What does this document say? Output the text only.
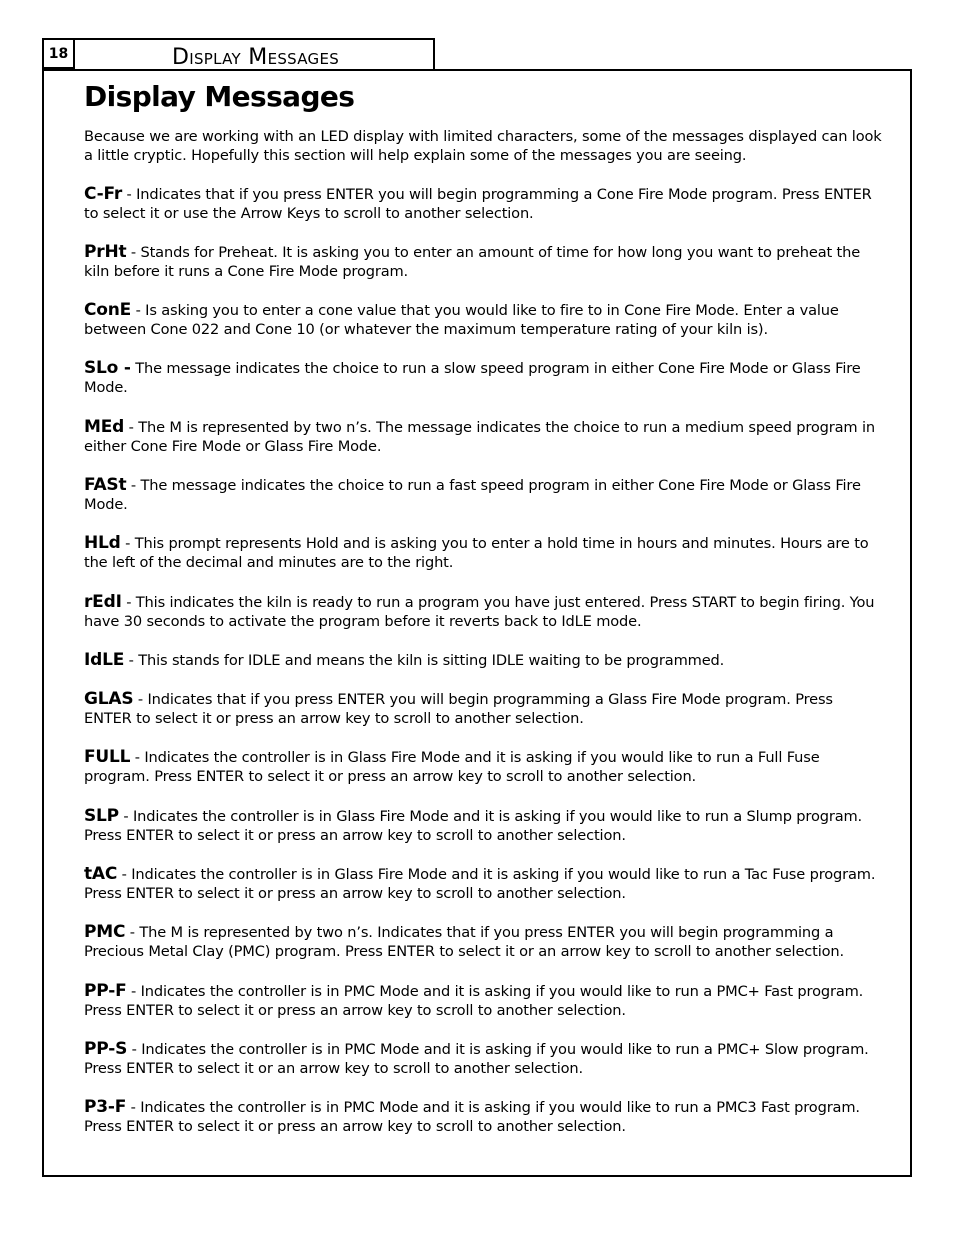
18	Display Messages
Display Messages

Because we are working with an LED display with limited characters, some of the messages displayed can look a little cryptic. Hopefully this section will help explain some of the messages you are seeing.

C-Fr - Indicates that if you press ENTER you will begin programming a Cone Fire Mode program. Press ENTER to select it or use the Arrow Keys to scroll to another selection.

PrHt - Stands for Preheat. It is asking you to enter an amount of time for how long you want to preheat the kiln before it runs a Cone Fire Mode program.

ConE - Is asking you to enter a cone value that you would like to fire to in Cone Fire Mode. Enter a value between Cone 022 and Cone 10 (or whatever the maximum temperature rating of your kiln is).

SLo - The message indicates the choice to run a slow speed program in either Cone Fire Mode or Glass Fire Mode.

MEd - The M is represented by two n’s. The message indicates the choice to run a medium speed program in either Cone Fire Mode or Glass Fire Mode.

FASt - The message indicates the choice to run a fast speed program in either Cone Fire Mode or Glass Fire Mode.

HLd - This prompt represents Hold and is asking you to enter a hold time in hours and minutes. Hours are to the left of the decimal and minutes are to the right.

rEdI - This indicates the kiln is ready to run a program you have just entered. Press START to begin firing. You have 30 seconds to activate the program before it reverts back to IdLE mode.

IdLE - This stands for IDLE and means the kiln is sitting IDLE waiting to be programmed.

GLAS - Indicates that if you press ENTER you will begin programming a Glass Fire Mode program. Press ENTER to select it or press an arrow key to scroll to another selection.

FULL - Indicates the controller is in Glass Fire Mode and it is asking if you would like to run a Full Fuse program. Press ENTER to select it or press an arrow key to scroll to another selection.

SLP - Indicates the controller is in Glass Fire Mode and it is asking if you would like to run a Slump program. Press ENTER to select it or press an arrow key to scroll to another selection.

tAC - Indicates the controller is in Glass Fire Mode and it is asking if you would like to run a Tac Fuse program. Press ENTER to select it or press an arrow key to scroll to another selection.

PMC - The M is represented by two n’s. Indicates that if you press ENTER you will begin programming a Precious Metal Clay (PMC) program. Press ENTER to select it or an arrow key to scroll to another selection.

PP-F - Indicates the controller is in PMC Mode and it is asking if you would like to run a PMC+ Fast program. Press ENTER to select it or press an arrow key to scroll to another selection.

PP-S - Indicates the controller is in PMC Mode and it is asking if you would like to run a PMC+ Slow program. Press ENTER to select it or an arrow key to scroll to another selection.

P3-F - Indicates the controller is in PMC Mode and it is asking if you would like to run a PMC3 Fast program. Press ENTER to select it or press an arrow key to scroll to another selection.
